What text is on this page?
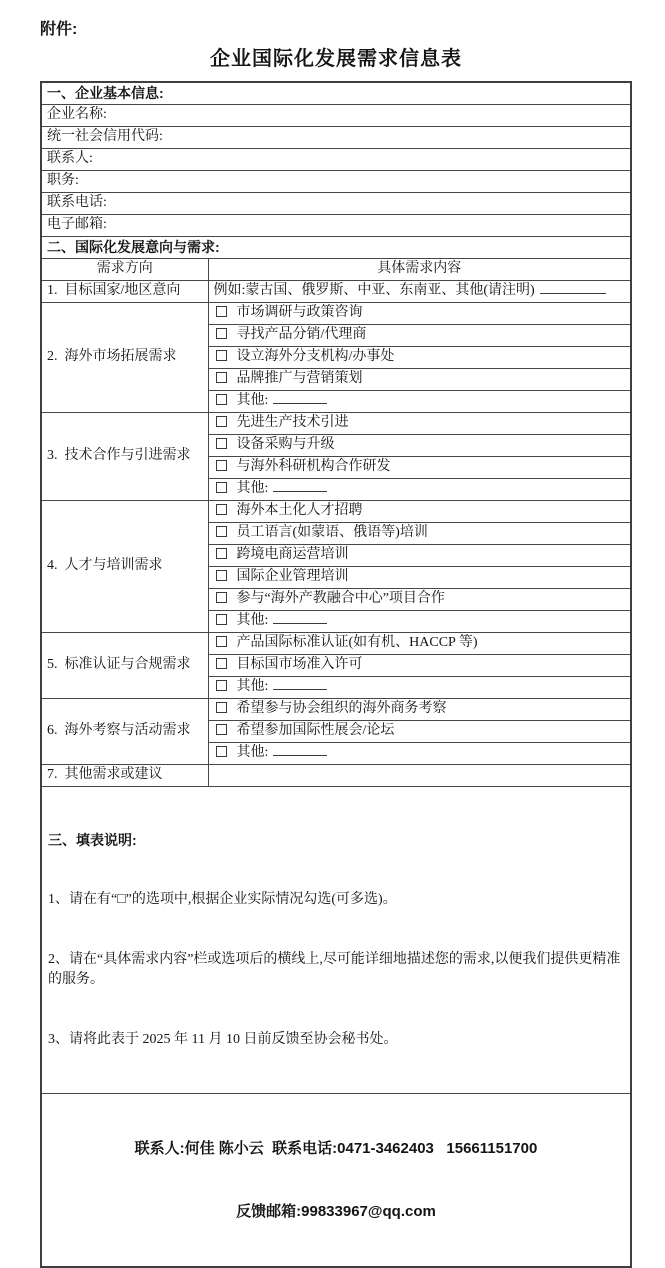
附件:
企业国际化发展需求信息表
一、企业基本信息:	
企业名称:	
统一社会信用代码:	
联系人:	
职务:	
联系电话:	
电子邮箱:	
二、国际化发展意向与需求:	
需求方向	具体需求内容
1.  目标国家/地区意向	例如:蒙古国、俄罗斯、中亚、东南亚、其他(请注明)
2.  海外市场拓展需求	市场调研与政策咨询
	寻找产品分销/代理商
	设立海外分支机构/办事处
	品牌推广与营销策划
	其他:
3.  技术合作与引进需求	先进生产技术引进
	设备采购与升级
	与海外科研机构合作研发
	其他:
4.  人才与培训需求	海外本土化人才招聘
	员工语言(如蒙语、俄语等)培训
	跨境电商运营培训
	国际企业管理培训
	参与“海外产教融合中心”项目合作
	其他:
5.  标准认证与合规需求	产品国际标准认证(如有机、HACCP 等)
	目标国市场准入许可
	其他:
6.  海外考察与活动需求	希望参与协会组织的海外商务考察
	希望参加国际性展会/论坛
	其他:
7.  其他需求或建议	

三、填表说明:

1、请在有“□”的选项中,根据企业实际情况勾选(可多选)。

2、请在“具体需求内容”栏或选项后的横线上,尽可能详细地描述您的需求,以便我们提供更精准的服务。

3、请将此表于 2025 年 11 月 10 日前反馈至协会秘书处。	

联系人:何佳 陈小云  联系电话:0471-3462403   15661151700

反馈邮箱:99833967@qq.com	
